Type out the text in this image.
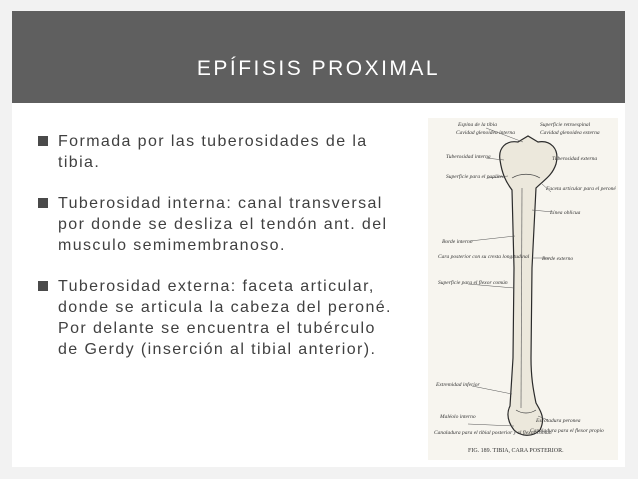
EPÍFISIS PROXIMAL
Formada por las tuberosidades de la tibia.
Tuberosidad interna: canal transversal por donde se desliza el tendón ant. del musculo semimembranoso.
Tuberosidad externa: faceta articular, donde se articula la cabeza del peroné. Por delante se encuentra el tubérculo de Gerdy (inserción al tibial anterior).
Espina de la tibia
Cavidad glenoidea interna
Superficie retroespinal
Cavidad glenoidea externa
Tuberosidad interna	Tuberosidad externa
Superficie para el poplíteo
Faceta articular para el peroné
Línea oblicua
Borde interno
Cara posterior con su cresta longitudinal Borde externo
Superficie para el flexor común
Extremidad inferior
Maléolo interno
Escotadura peronea
Canaladura para el tibial posterior y el flexor común
Canaladura para el flexor propio
FIG. 189. TIBIA, CARA POSTERIOR.
